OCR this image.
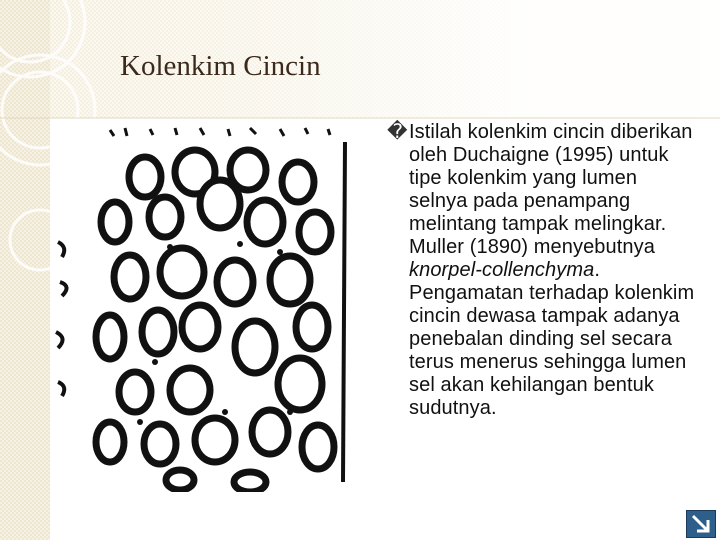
Kolenkim Cincin
� Istilah kolenkim cincin diberikan oleh Duchaigne (1995) untuk tipe kolenkim yang lumen selnya pada penampang melintang tampak melingkar. Muller (1890) menyebutnya knorpel-collenchyma. Pengamatan terhadap kolenkim cincin dewasa tampak adanya penebalan dinding sel secara terus menerus sehingga lumen sel akan kehilangan bentuk sudutnya.
